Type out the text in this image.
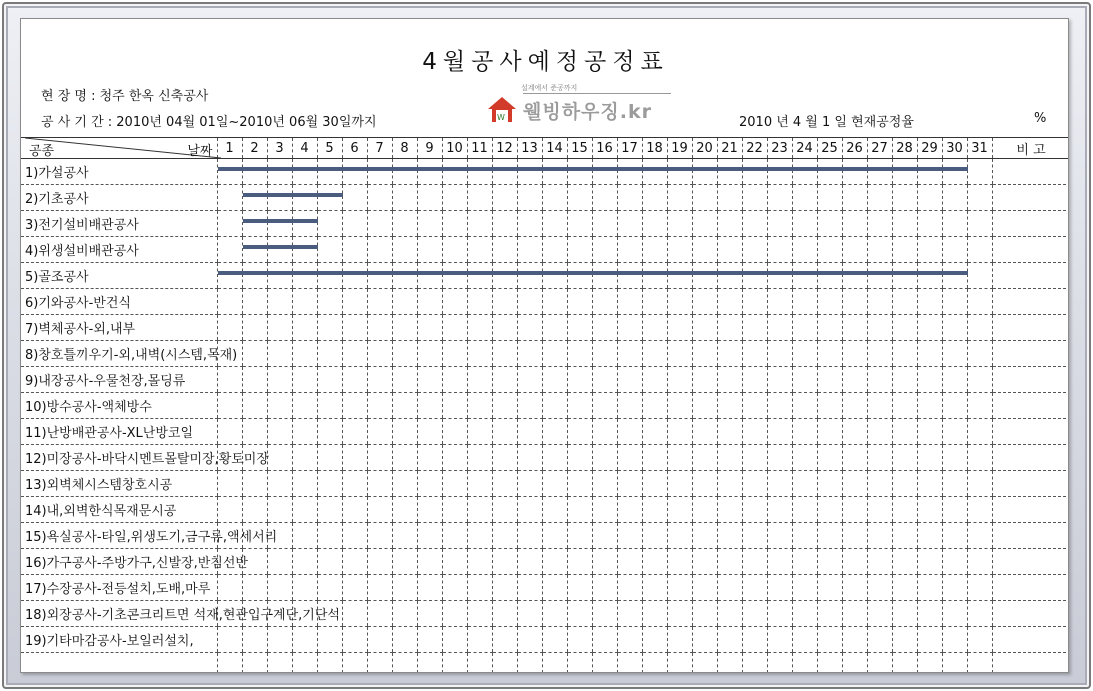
4월공사예정공정표
현 장 명 : 청주 한옥 신축공사
공 사 기 간 : 2010년 04월 01일~2010년 06월 30일까지	2010 년 4 월 1 일 현재공정율	%
W
설계에서 준공까지
웰빙하우징.kr
공종 날짜	1	2	3	4	5	6	7	8	9	10	11	12	13	14	15	16	17	18	19	20	21	22	23	24	25	26	27	28	29	30	31	비 고
1)가설공사																																
2)기초공사																																
3)전기설비배관공사																																
4)위생설비배관공사																																
5)골조공사																																
6)기와공사-반건식																																
7)벽체공사-외,내부																																
8)창호틀끼우기-외,내벽(시스템,목재)																																
9)내장공사-우물천장,몰딩류																																
10)방수공사-액체방수																																
11)난방배관공사-XL난방코일																																
12)미장공사-바닥시멘트몰탈미장,황토미장																																
13)외벽체시스템창호시공																																
14)내,외벽한식목재문시공																																
15)욕실공사-타일,위생도기,금구류,액세서리																																
16)가구공사-주방가구,신발장,반침선반																																
17)수장공사-전등설치,도배,마루																																
18)외장공사-기초콘크리트면 석재,현관입구계단,기단석																																
19)기타마감공사-보일러설치,																																
